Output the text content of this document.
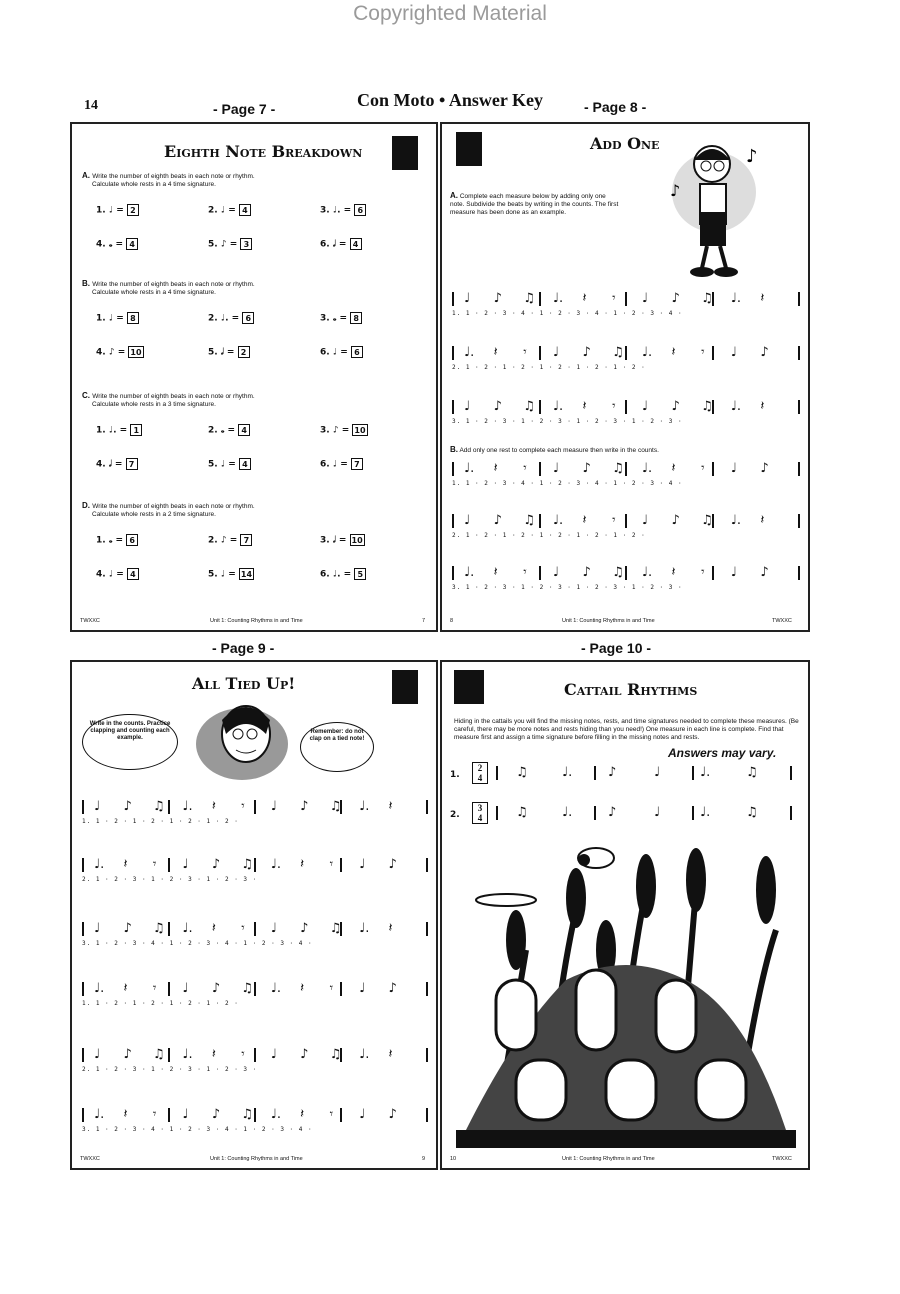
Copyrighted Material
14	Con Moto • Answer Key
- Page 7 -	- Page 8 -
- Page 9 -	- Page 10 -
Eighth Note Breakdown
A. Write the number of eighth beats in each note or rhythm.
Calculate whole rests in a 4 time signature.
1. ♩ = 2	2. ♩ = 4	3. ♩. = 6
4. 𝅝 = 4	5. ♪ = 3	6. 𝅗𝅥 = 4
B. Write the number of eighth beats in each note or rhythm.
Calculate whole rests in a 4 time signature.
1. ♩ = 8	2. ♩. = 6	3. 𝅝 = 8
4. ♪ = 10	5. 𝅗𝅥 = 2	6. ♩ = 6
C. Write the number of eighth beats in each note or rhythm.
Calculate whole rests in a 3 time signature.
1. ♩. = 1	2. 𝅝 = 4	3. ♪ = 10
4. 𝅗𝅥 = 7	5. ♩ = 4	6. ♩ = 7
D. Write the number of eighth beats in each note or rhythm.
Calculate whole rests in a 2 time signature.
1. 𝅝 = 6	2. ♪ = 7	3. 𝅗𝅥 = 10
4. ♩ = 4	5. ♩ = 14	6. ♩. = 5
TWXXC	Unit 1: Counting Rhythms in and Time	7
Add One
♪
♪
A. Complete each measure below by adding only one note. Subdivide the beats by writing in the counts. The first measure has been done as an example.
B. Add only one rest to complete each measure then write in the counts.
♩ ♪ ♫ ♩. 𝄽 𝄾 ♩ ♪ ♫ ♩. 𝄽
1. 1 · 2 · 3 · 4 · 1 · 2 · 3 · 4 · 1 · 2 · 3 · 4 ·
♩. 𝄽 𝄾 ♩ ♪ ♫ ♩. 𝄽 𝄾 ♩ ♪
2. 1 · 2 · 1 · 2 · 1 · 2 · 1 · 2 · 1 · 2 ·
♩ ♪ ♫ ♩. 𝄽 𝄾 ♩ ♪ ♫ ♩. 𝄽
3. 1 · 2 · 3 · 1 · 2 · 3 · 1 · 2 · 3 · 1 · 2 · 3 ·
♩. 𝄽 𝄾 ♩ ♪ ♫ ♩. 𝄽 𝄾 ♩ ♪
1. 1 · 2 · 3 · 4 · 1 · 2 · 3 · 4 · 1 · 2 · 3 · 4 ·
♩ ♪ ♫ ♩. 𝄽 𝄾 ♩ ♪ ♫ ♩. 𝄽
2. 1 · 2 · 1 · 2 · 1 · 2 · 1 · 2 · 1 · 2 ·
♩. 𝄽 𝄾 ♩ ♪ ♫ ♩. 𝄽 𝄾 ♩ ♪
3. 1 · 2 · 3 · 1 · 2 · 3 · 1 · 2 · 3 · 1 · 2 · 3 ·
8	Unit 1: Counting Rhythms in and Time	TWXXC
All Tied Up!
Write in the counts. Practice clapping and counting each example.
Remember: do not clap on a tied note!
♩ ♪ ♫ ♩. 𝄽 𝄾 ♩ ♪ ♫ ♩. 𝄽
1. 1 · 2 · 1 · 2 · 1 · 2 · 1 · 2 ·
♩. 𝄽 𝄾 ♩ ♪ ♫ ♩. 𝄽 𝄾 ♩ ♪
2. 1 · 2 · 3 · 1 · 2 · 3 · 1 · 2 · 3 ·
♩ ♪ ♫ ♩. 𝄽 𝄾 ♩ ♪ ♫ ♩. 𝄽
3. 1 · 2 · 3 · 4 · 1 · 2 · 3 · 4 · 1 · 2 · 3 · 4 ·
♩. 𝄽 𝄾 ♩ ♪ ♫ ♩. 𝄽 𝄾 ♩ ♪
1. 1 · 2 · 1 · 2 · 1 · 2 · 1 · 2 ·
♩ ♪ ♫ ♩. 𝄽 𝄾 ♩ ♪ ♫ ♩. 𝄽
2. 1 · 2 · 3 · 1 · 2 · 3 · 1 · 2 · 3 ·
♩. 𝄽 𝄾 ♩ ♪ ♫ ♩. 𝄽 𝄾 ♩ ♪
3. 1 · 2 · 3 · 4 · 1 · 2 · 3 · 4 · 1 · 2 · 3 · 4 ·
TWXXC	Unit 1: Counting Rhythms in and Time	9
Cattail Rhythms
Hiding in the cattails you will find the missing notes, rests, and time signatures needed to complete these measures. (Be careful, there may be more notes and rests hiding than you need!) One measure in each line is complete. Find that measure first and assign a time signature before filling in the missing notes and rests.
Answers may vary.
1.
2
4
2.
3
4
♫	♩.	♪	♩	♩.	♫
♫	♩.	♪	♩	♩.	♫
10	Unit 1: Counting Rhythms in and Time	TWXXC
